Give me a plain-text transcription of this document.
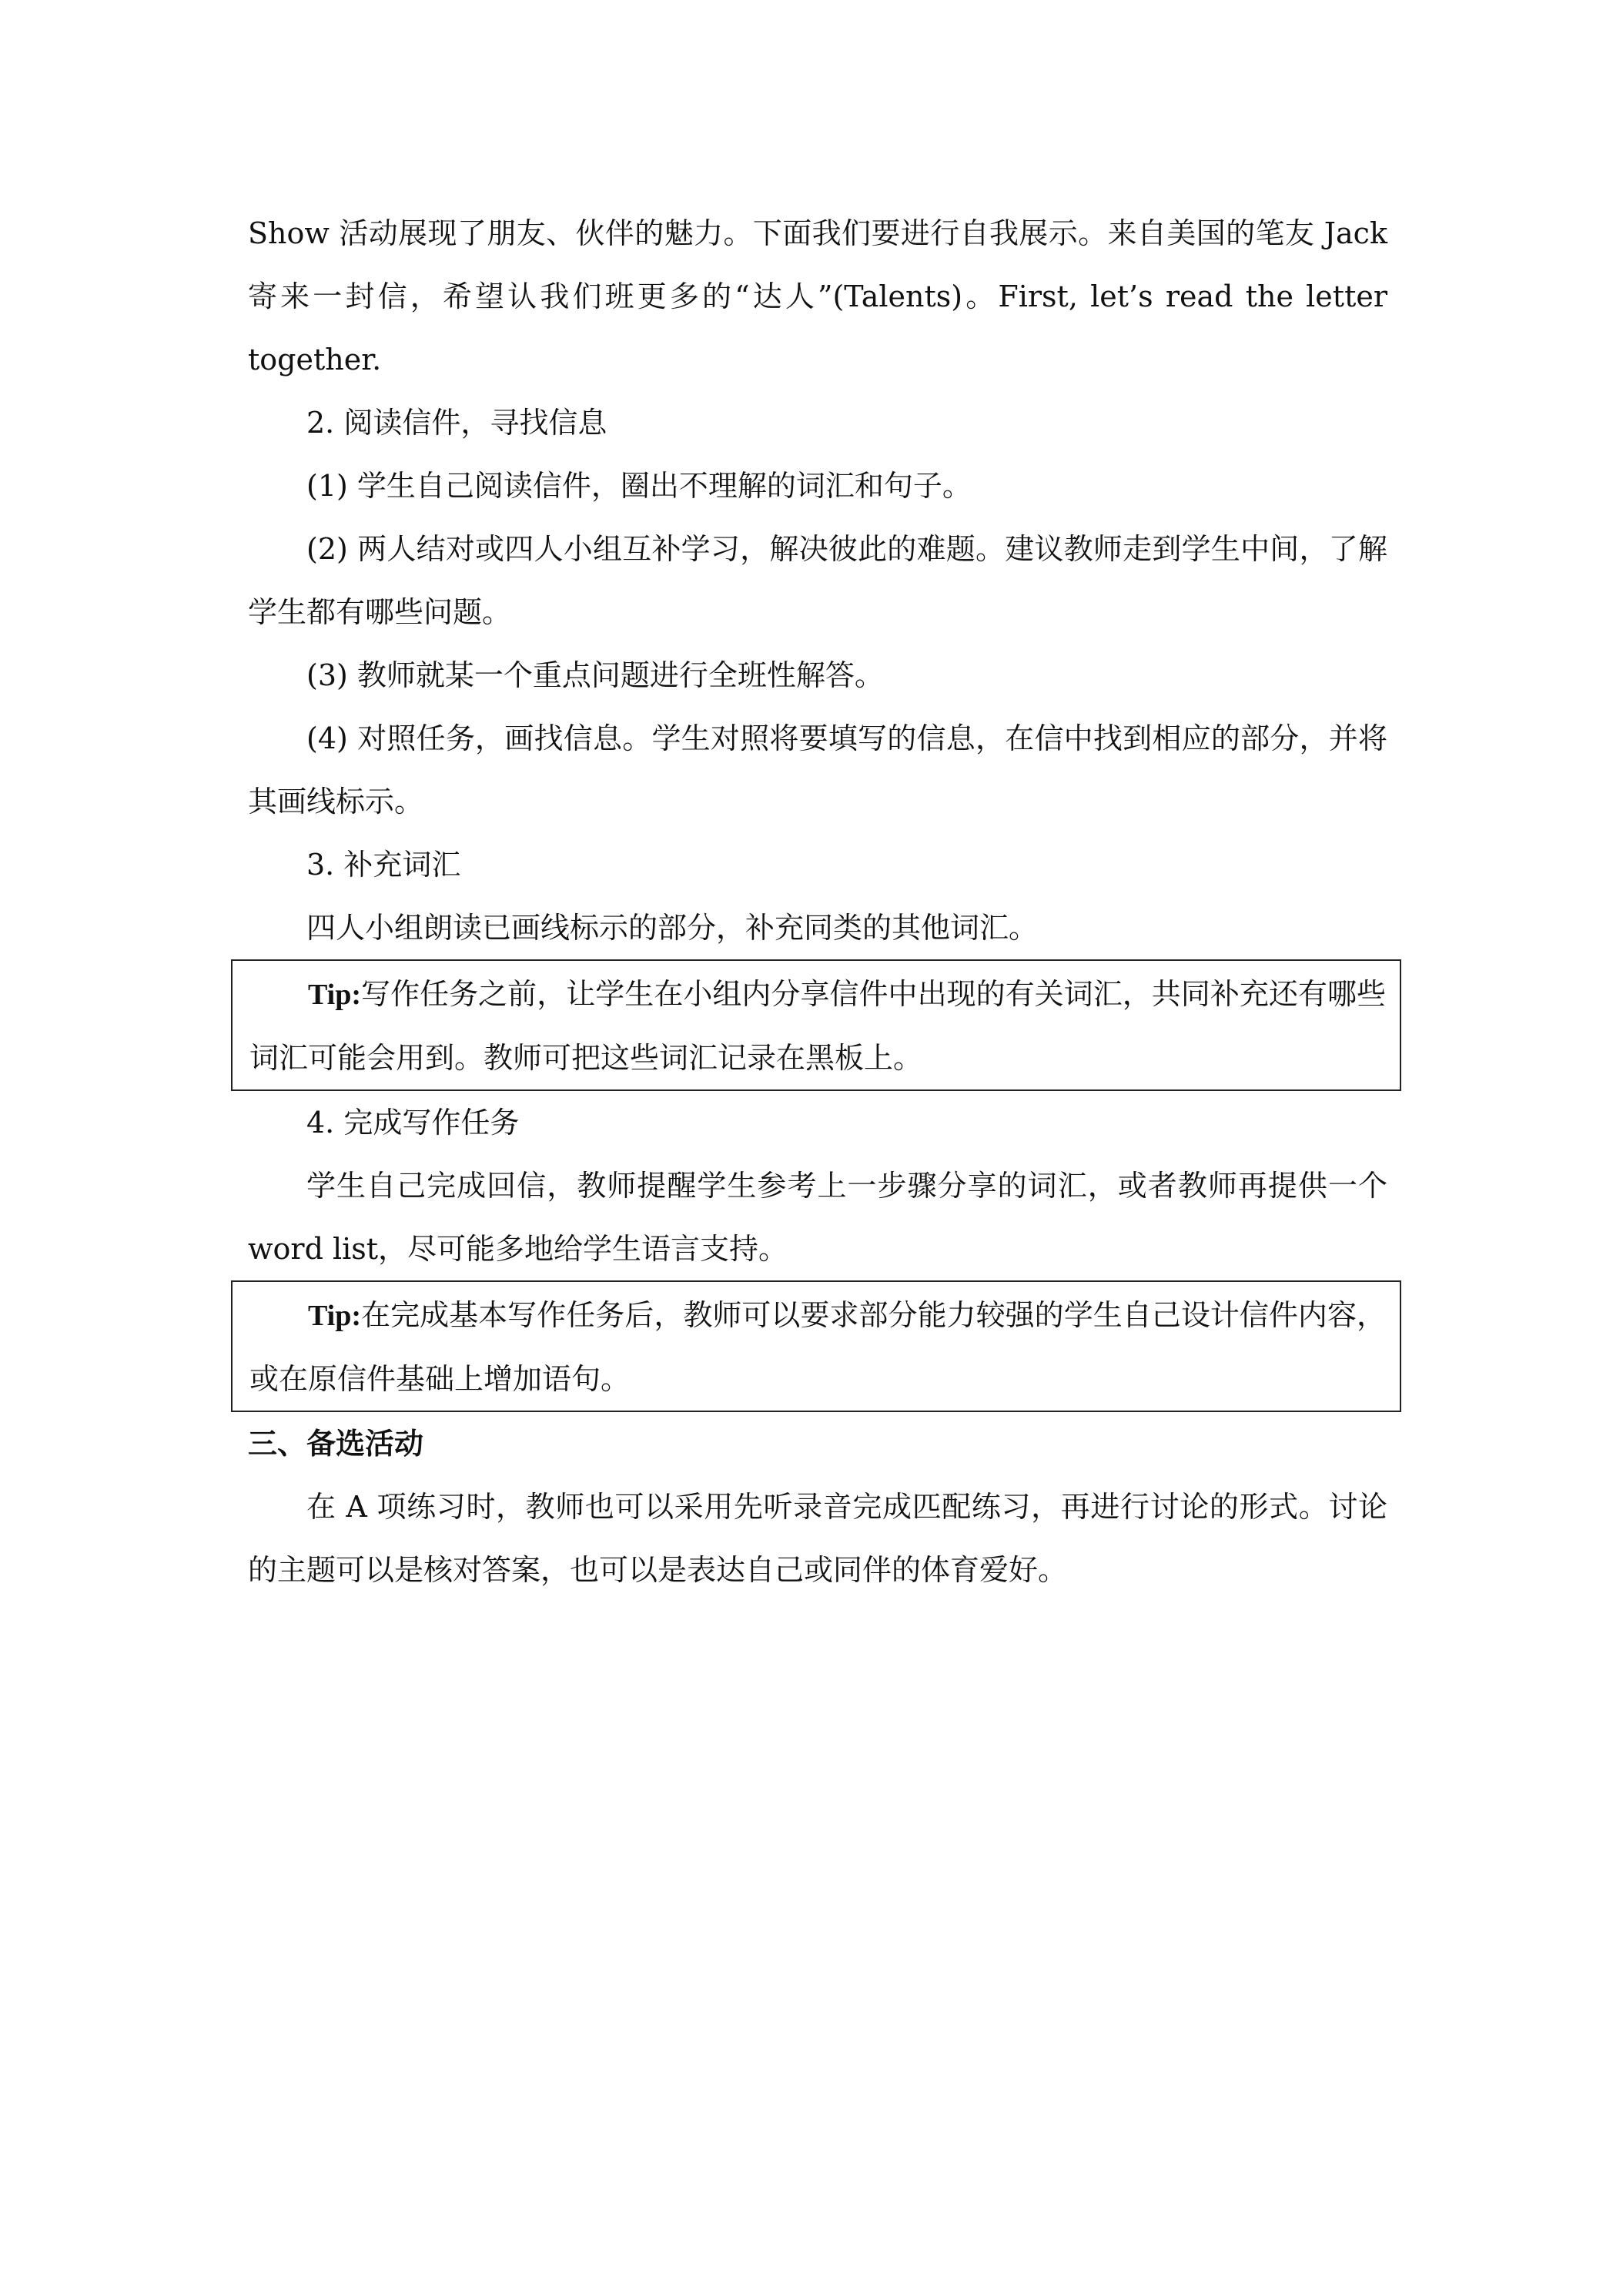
Show 活动展现了朋友、伙伴的魅力。下面我们要进行自我展示。来自美国的笔友 Jack 寄来一封信，希望认我们班更多的“达人”(Talents)。First, let’s read the letter together.

2. 阅读信件，寻找信息

(1) 学生自己阅读信件，圈出不理解的词汇和句子。

(2) 两人结对或四人小组互补学习，解决彼此的难题。建议教师走到学生中间，了解学生都有哪些问题。

(3) 教师就某一个重点问题进行全班性解答。

(4) 对照任务，画找信息。学生对照将要填写的信息，在信中找到相应的部分，并将其画线标示。

3. 补充词汇

四人小组朗读已画线标示的部分，补充同类的其他词汇。

Tip:写作任务之前，让学生在小组内分享信件中出现的有关词汇，共同补充还有哪些词汇可能会用到。教师可把这些词汇记录在黑板上。

4. 完成写作任务

学生自己完成回信，教师提醒学生参考上一步骤分享的词汇，或者教师再提供一个 word list，尽可能多地给学生语言支持。

Tip:在完成基本写作任务后，教师可以要求部分能力较强的学生自己设计信件内容，或在原信件基础上增加语句。

三、备选活动

在 A 项练习时，教师也可以采用先听录音完成匹配练习，再进行讨论的形式。讨论的主题可以是核对答案，也可以是表达自己或同伴的体育爱好。
